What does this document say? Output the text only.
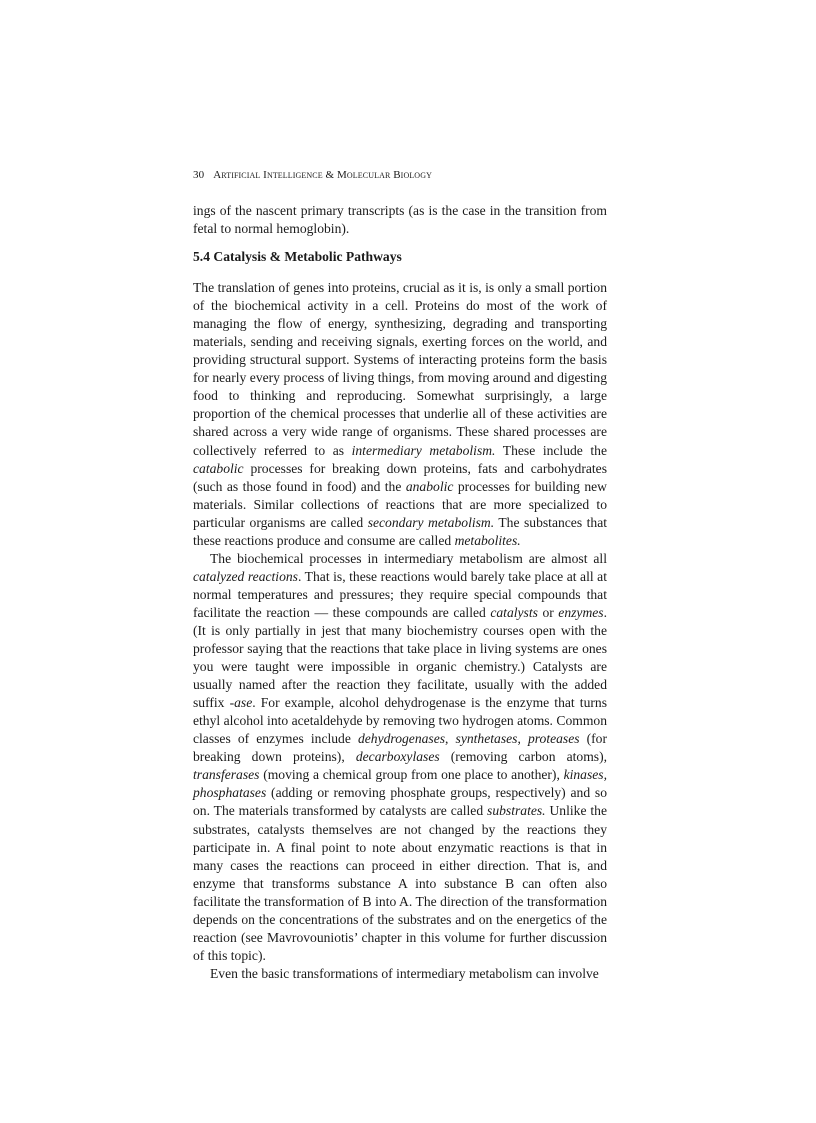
30 Artificial Intelligence & Molecular Biology

ings of the nascent primary transcripts (as is the case in the transition from fetal to normal hemoglobin).

5.4 Catalysis & Metabolic Pathways

The translation of genes into proteins, crucial as it is, is only a small portion of the biochemical activity in a cell. Proteins do most of the work of managing the flow of energy, synthesizing, degrading and transporting materials, sending and receiving signals, exerting forces on the world, and providing structural support. Systems of interacting proteins form the basis for nearly every process of living things, from moving around and digesting food to thinking and reproducing. Somewhat surprisingly, a large proportion of the chemical processes that underlie all of these activities are shared across a very wide range of organisms. These shared processes are collectively referred to as intermediary metabolism. These include the catabolic processes for breaking down proteins, fats and carbohydrates (such as those found in food) and the anabolic processes for building new materials. Similar collections of reactions that are more specialized to particular organisms are called secondary metabolism. The substances that these reactions produce and consume are called metabolites.

The biochemical processes in intermediary metabolism are almost all catalyzed reactions. That is, these reactions would barely take place at all at normal temperatures and pressures; they require special compounds that facilitate the reaction — these compounds are called catalysts or enzymes. (It is only partially in jest that many biochemistry courses open with the professor saying that the reactions that take place in living systems are ones you were taught were impossible in organic chemistry.) Catalysts are usually named after the reaction they facilitate, usually with the added suffix -ase. For example, alcohol dehydrogenase is the enzyme that turns ethyl alcohol into acetaldehyde by removing two hydrogen atoms. Common classes of enzymes include dehydrogenases, synthetases, proteases (for breaking down proteins), decarboxylases (removing carbon atoms), transferases (moving a chemical group from one place to another), kinases, phosphatases (adding or removing phosphate groups, respectively) and so on. The materials transformed by catalysts are called substrates. Unlike the substrates, catalysts themselves are not changed by the reactions they participate in. A final point to note about enzymatic reactions is that in many cases the reactions can proceed in either direction. That is, and enzyme that transforms substance A into substance B can often also facilitate the transformation of B into A. The direction of the transformation depends on the concentrations of the substrates and on the energetics of the reaction (see Mavrovouniotis’ chapter in this volume for further discussion of this topic).

Even the basic transformations of intermediary metabolism can involve
